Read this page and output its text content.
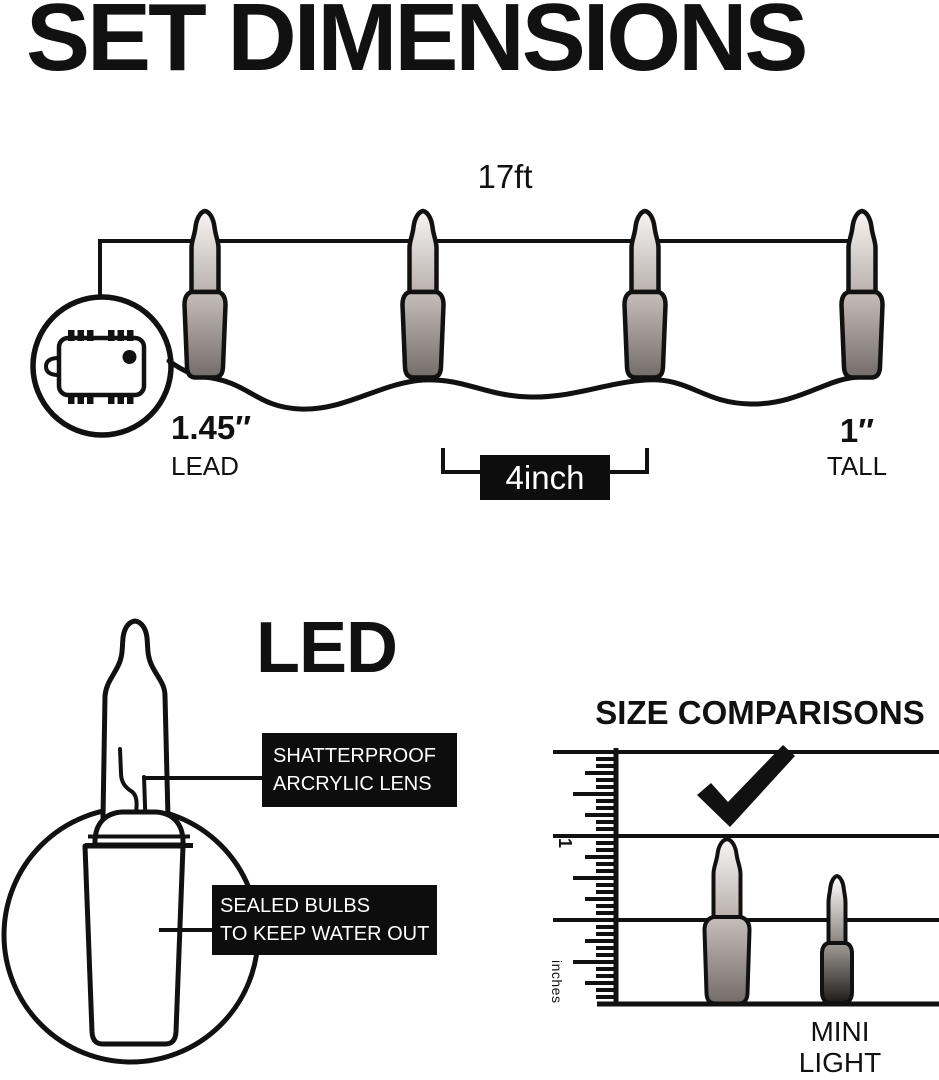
SET DIMENSIONS
17ft
1.45″
LEAD	4inch
1″
TALL
LED
SHATTERPROOF
ARCRYLIC LENS
SEALED BULBS
TO KEEP WATER OUT
SIZE COMPARISONS
1
inches
MINI
LIGHT
